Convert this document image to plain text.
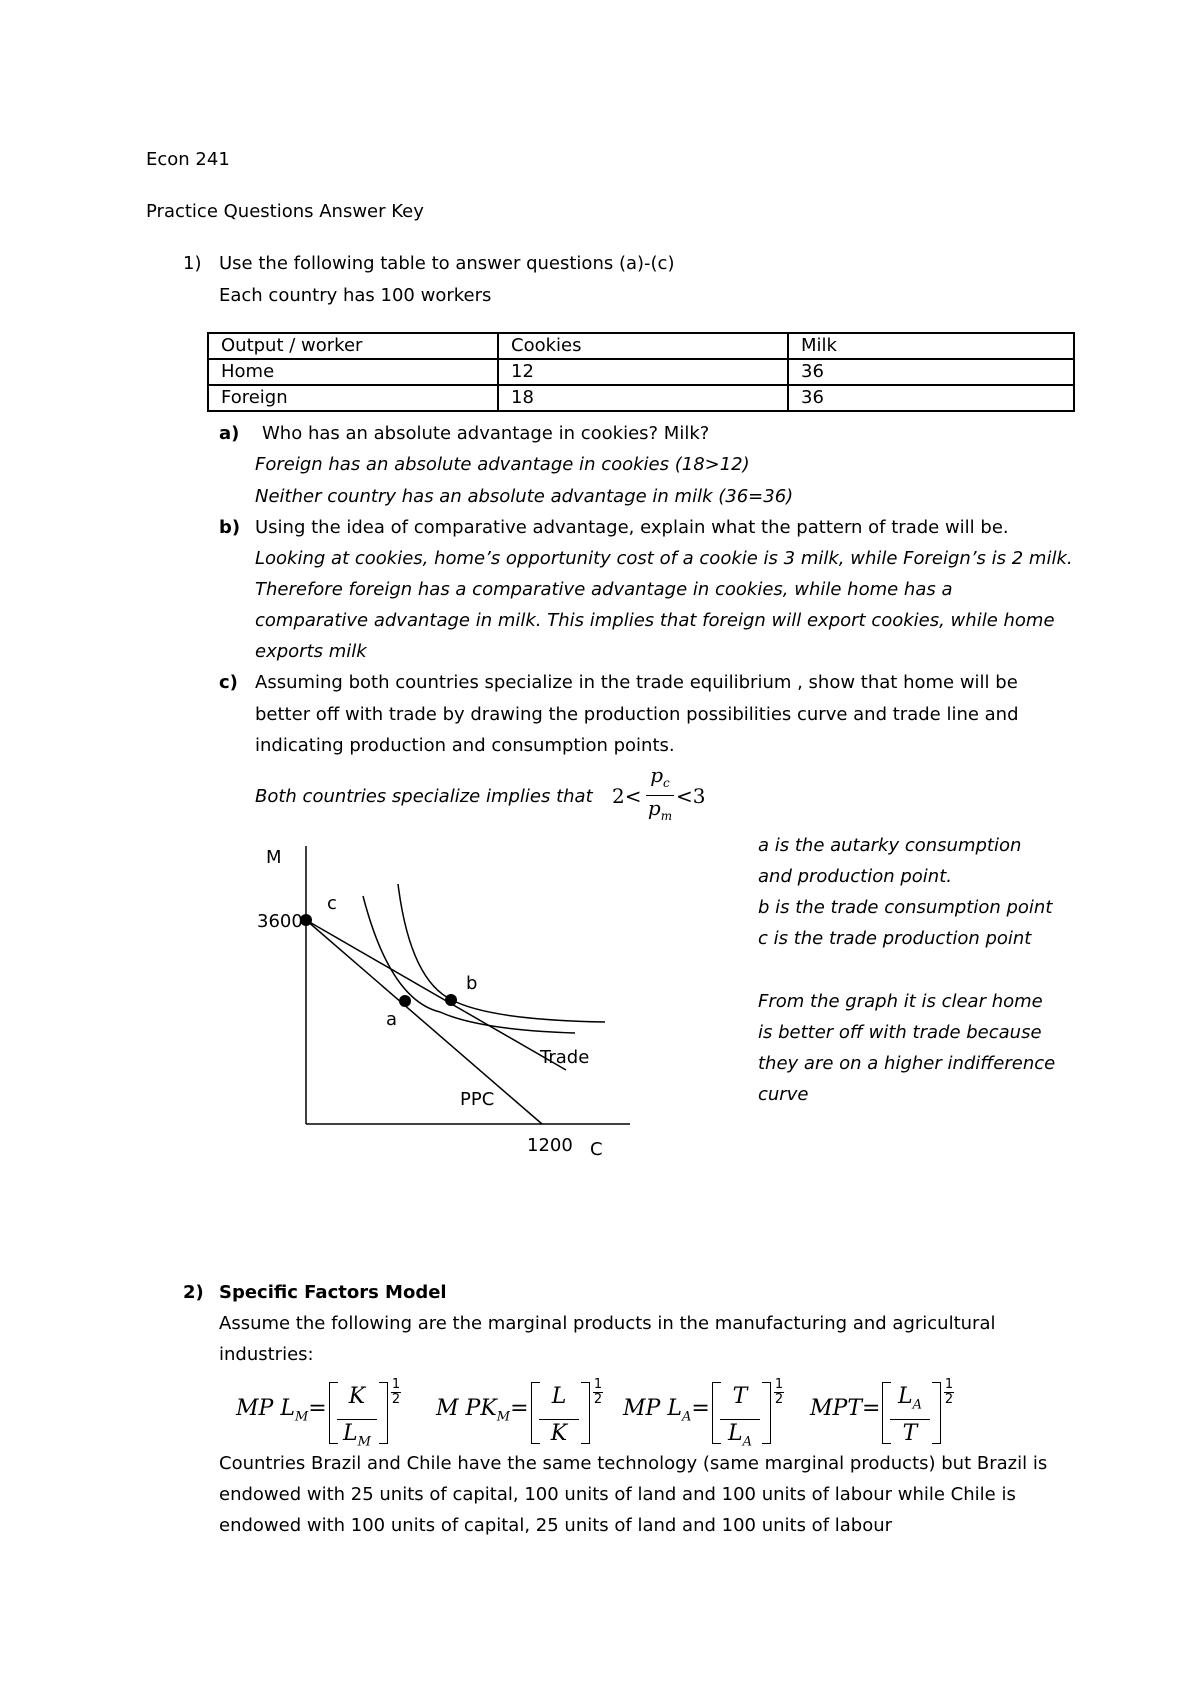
Econ 241
Practice Questions Answer Key
1) Use the following table to answer questions (a)-(c)
Each country has 100 workers
Output / worker	Cookies	Milk
Home	12	36
Foreign	18	36
a) Who has an absolute advantage in cookies? Milk?
Foreign has an absolute advantage in cookies (18>12)
Neither country has an absolute advantage in milk (36=36)
b) Using the idea of comparative advantage, explain what the pattern of trade will be.
Looking at cookies, home’s opportunity cost of a cookie is 3 milk, while Foreign’s is 2 milk.
Therefore foreign has a comparative advantage in cookies, while home has a
comparative advantage in milk. This implies that foreign will export cookies, while home
exports milk
c) Assuming both countries specialize in the trade equilibrium , show that home will be
better off with trade by drawing the production possibilities curve and trade line and
indicating production and consumption points.
Both countries specialize implies that 2<
$p_c$
$p_m$
<3
M
3600
c
b
a
Trade
PPC
1200 C
a is the autarky consumption
and production point.
b is the trade consumption point
c is the trade production point
From the graph it is clear home
is better off with trade because
they are on a higher indifference
curve
2) Specific Factors Model
Assume the following are the marginal products in the manufacturing and agricultural
industries:
MP $L_M=$	K
$L_M$
1
2 M $PK_M=$	L
K
1
2 MP $L_A=$	T
$L_A$
1
2 $MPT= L_A$
T
1
2
Countries Brazil and Chile have the same technology (same marginal products) but Brazil is
endowed with 25 units of capital, 100 units of land and 100 units of labour while Chile is
endowed with 100 units of capital, 25 units of land and 100 units of labour
